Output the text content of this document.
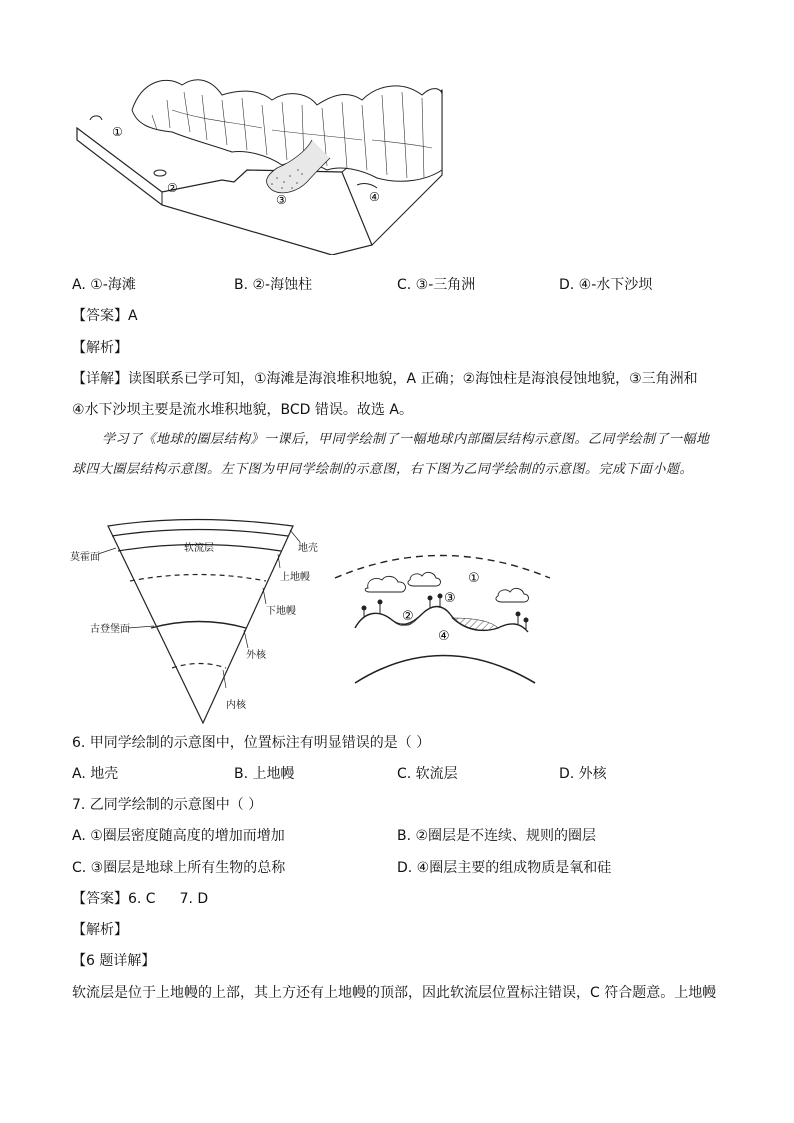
①
②
③	④
A. ①-海滩	B. ②-海蚀柱	C. ③-三角洲	D. ④-水下沙坝
【答案】A
【解析】
【详解】读图联系已学可知，①海滩是海浪堆积地貌，A 正确；②海蚀柱是海浪侵蚀地貌，③三角洲和
④水下沙坝主要是流水堆积地貌，BCD 错误。故选 A。
学习了《地球的圈层结构》一课后，甲同学绘制了一幅地球内部圈层结构示意图。乙同学绘制了一幅地球四大圈层结构示意图。左下图为甲同学绘制的示意图，右下图为乙同学绘制的示意图。完成下面小题。
莫霍面
软流层	地壳
上地幔
下地幔
古登堡面
外核
内核
①
②
③
④
6. 甲同学绘制的示意图中，位置标注有明显错误的是（ ）
A. 地壳	B. 上地幔	C. 软流层	D. 外核
7. 乙同学绘制的示意图中（ ）
A. ①圈层密度随高度的增加而增加	B. ②圈层是不连续、规则的圈层
C. ③圈层是地球上所有生物的总称	D. ④圈层主要的组成物质是氧和硅
【答案】6. C 7. D
【解析】
【6 题详解】
软流层是位于上地幔的上部，其上方还有上地幔的顶部，因此软流层位置标注错误，C 符合题意。上地幔
